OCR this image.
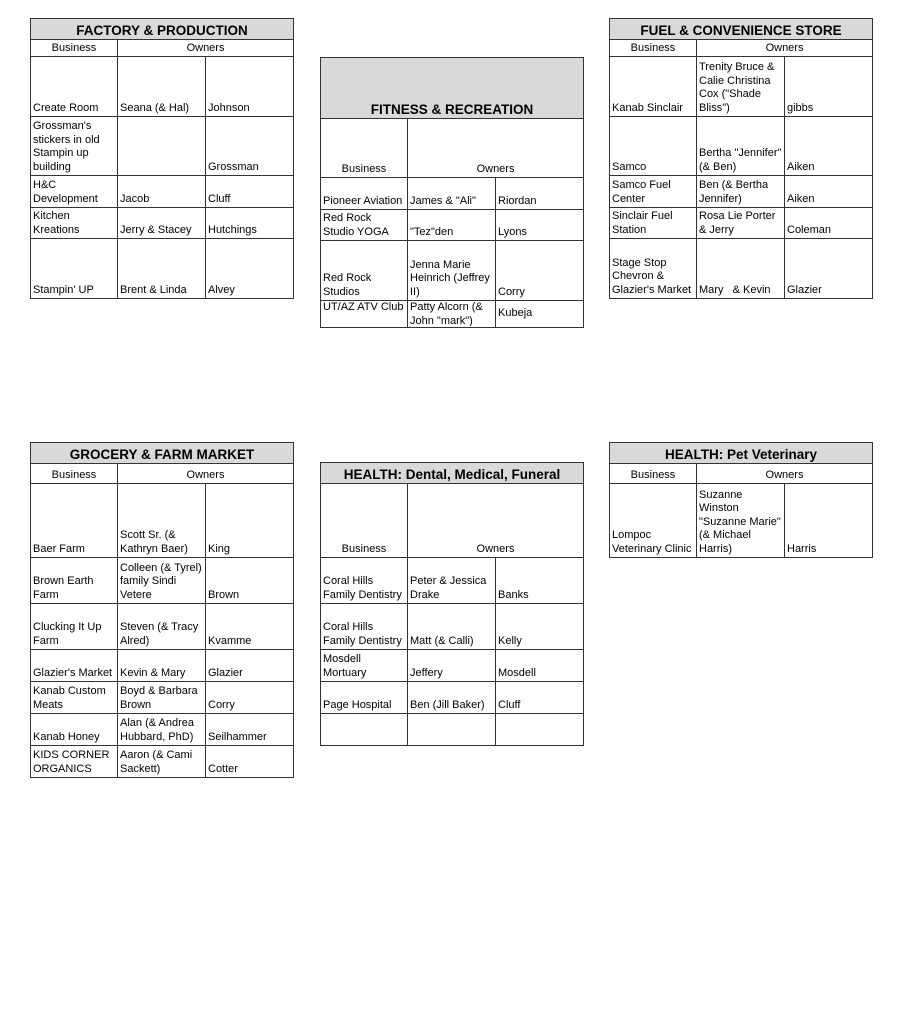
FACTORY & PRODUCTION		
Business	Owners	
Create Room	Seana (& Hal)	Johnson
Grossman's stickers in old Stampin up building		Grossman
H&C Development	Jacob	Cluff
Kitchen Kreations	Jerry & Stacey	Hutchings
Stampin' UP	Brent & Linda	Alvey
FITNESS & RECREATION		
Business	Owners	
Pioneer Aviation	James & "Ali"	Riordan
Red Rock Studio YOGA	"Tez"den	Lyons
Red Rock Studios	Jenna Marie Heinrich (Jeffrey II)	Corry

UT/AZ ATV Club	Patty Alcorn (& John "mark")	Kubeja
FUEL & CONVENIENCE STORE		
Business	Owners	
Kanab Sinclair	Trenity Bruce & Calie Christina Cox ("Shade Bliss")	gibbs
Samco	Bertha "Jennifer" (& Ben)	Aiken
Samco Fuel Center	Ben (& Bertha Jennifer)	Aiken
Sinclair Fuel Station	Rosa Lie Porter & Jerry	Coleman
Stage Stop Chevron & Glazier's Market	Mary   & Kevin	Glazier
GROCERY & FARM MARKET		
Business	Owners	
Baer Farm	Scott Sr. (& Kathryn Baer)	King
Brown Earth Farm	Colleen (& Tyrel) family Sindi Vetere	Brown
Clucking It Up Farm	Steven (& Tracy Alred)	Kvamme
Glazier's Market	Kevin & Mary	Glazier
Kanab Custom Meats	Boyd & Barbara Brown	Corry
Kanab Honey	Alan (& Andrea Hubbard, PhD)	Seilhammer
KIDS CORNER ORGANICS	Aaron (& Cami Sackett)	Cotter
HEALTH: Dental, Medical, Funeral		
Business	Owners	
Coral Hills Family Dentistry	Peter & Jessica Drake	Banks
Coral Hills Family Dentistry	Matt (& Calli)	Kelly
Mosdell Mortuary	Jeffery	Mosdell
Page Hospital	Ben (Jill Baker)	Cluff

HEALTH: Pet Veterinary		
Business	Owners	
Lompoc Veterinary Clinic	Suzanne Winston "Suzanne Marie" (& Michael Harris)	Harris
